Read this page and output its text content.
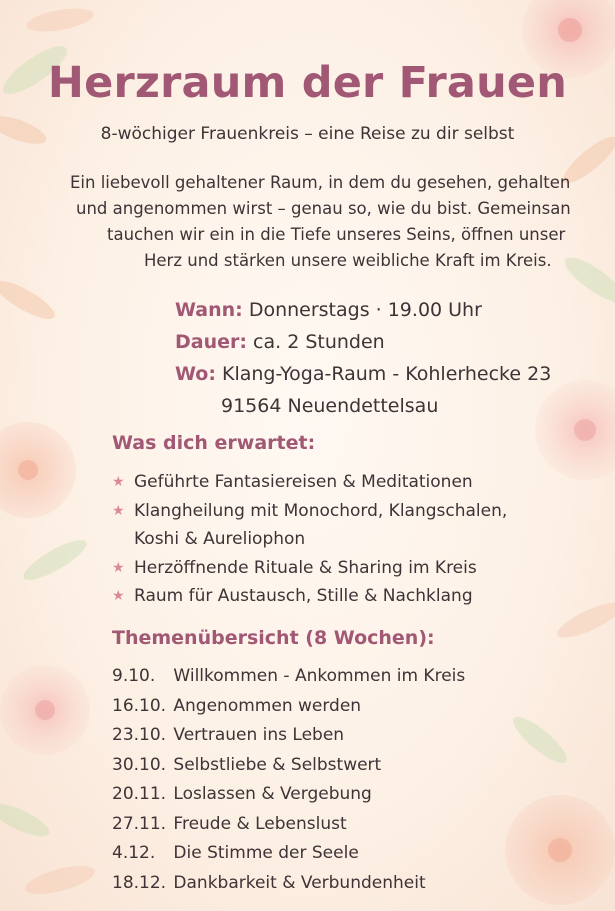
Herzraum der Frauen
8-wöchiger Frauenkreis – eine Reise zu dir selbst
Ein liebevoll gehaltener Raum, in dem du gesehen, gehalten
und angenommen wirst – genau so, wie du bist. Gemeinsan
tauchen wir ein in die Tiefe unseres Seins, öffnen unser
Herz und stärken unsere weibliche Kraft im Kreis.
Wann: Donnerstags · 19.00 Uhr
Dauer: ca. 2 Stunden
Wo: Klang-Yoga-Raum - Kohlerhecke 23
91564 Neuendettelsau
Was dich erwartet:
★ Geführte Fantasiereisen & Meditationen
★ Klangheilung mit Monochord, Klangschalen,
Koshi & Aureliophon
★ Herzöffnende Rituale & Sharing im Kreis
★ Raum für Austausch, Stille & Nachklang
Themenübersicht (8 Wochen):
9.10. Willkommen - Ankommen im Kreis
16.10. Angenommen werden
23.10. Vertrauen ins Leben
30.10. Selbstliebe & Selbstwert
20.11. Loslassen & Vergebung
27.11. Freude & Lebenslust
4.12. Die Stimme der Seele
18.12. Dankbarkeit & Verbundenheit
